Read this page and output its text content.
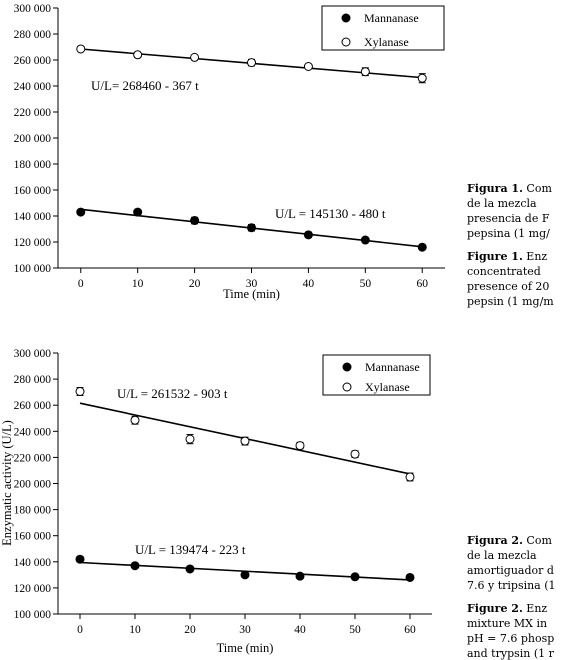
100 000
120 000
140 000
160 000
180 000
200 000
220 000
240 000
260 000
280 000
300 000
0	10	20	30	40	50	60
Time (min)
U/L= 268460 - 367 t
U/L = 145130 - 480 t
Mannanase
Xylanase
100 000
120 000
140 000
160 000
180 000
200 000
220 000
240 000
260 000
280 000
300 000
0	10	20	30	40	50	60
Time (min)
Enzymatic activity (U/L)
U/L = 261532 - 903 t
U/L = 139474 - 223 t
Mannanase
Xylanase
Figura 1. Com
de la mezcla
presencia de F
pepsina (1 mg/
Figure 1. Enz
concentrated
presence of 20
pepsin (1 mg/m
Figura 2. Com
de la mezcla
amortiguador d
7.6 y tripsina (1
Figure 2. Enz
mixture MX in
pH = 7.6 phosp
and trypsin (1 r
